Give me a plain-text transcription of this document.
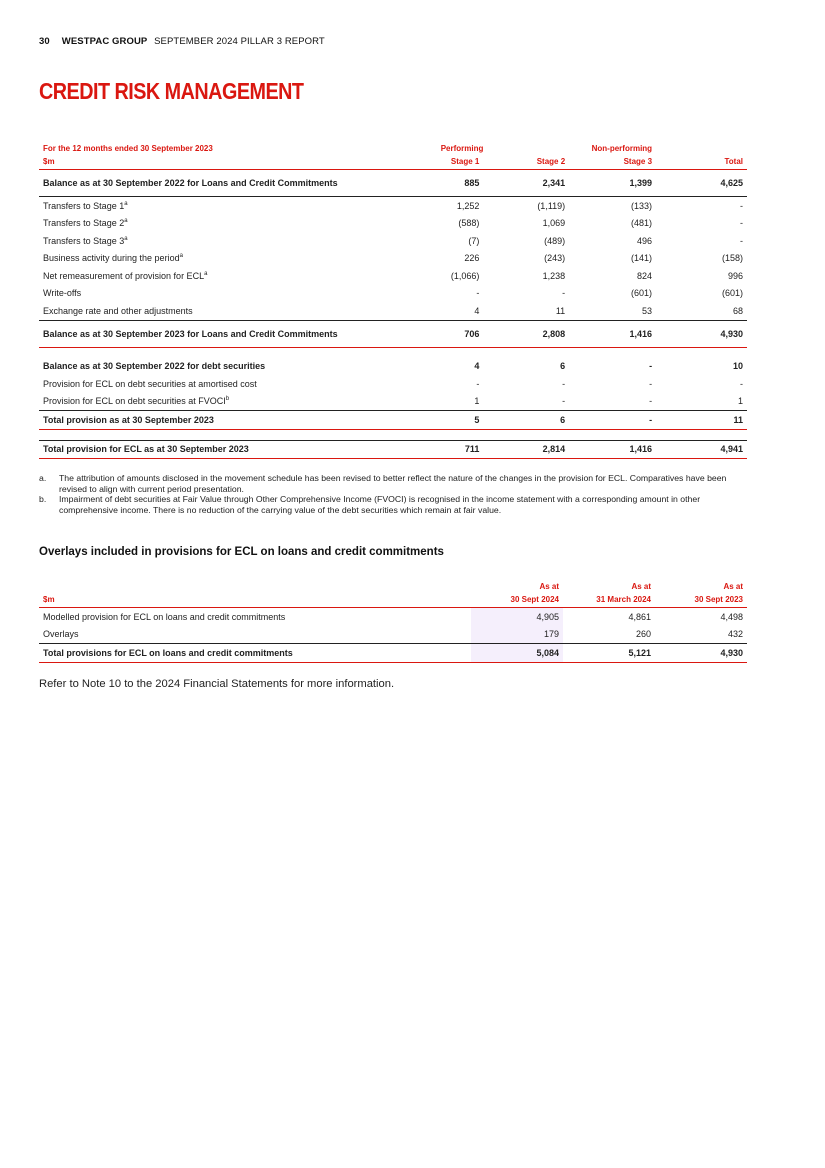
30 WESTPAC GROUP SEPTEMBER 2024 PILLAR 3 REPORT
CREDIT RISK MANAGEMENT
For the 12 months ended 30 September 2023	Performing		Non-performing	
$m	Stage 1	Stage 2	Stage 3	Total
Balance as at 30 September 2022 for Loans and Credit Commitments	885	2,341	1,399	4,625
Transfers to Stage 1$^a$	1,252	(1,119)	(133)	-
Transfers to Stage 2$^a$	(588)	1,069	(481)	-
Transfers to Stage 3$^a$	(7)	(489)	496	-
Business activity during the period$^a$	226	(243)	(141)	(158)
Net remeasurement of provision for ECL$^a$	(1,066)	1,238	824	996
Write-offs	-	-	(601)	(601)
Exchange rate and other adjustments	4	11	53	68
Balance as at 30 September 2023 for Loans and Credit Commitments	706	2,808	1,416	4,930

Balance as at 30 September 2022 for debt securities	4	6	-	10
Provision for ECL on debt securities at amortised cost	-	-	-	-
Provision for ECL on debt securities at FVOCI$^b$	1	-	-	1
Total provision as at 30 September 2023	5	6	-	11

Total provision for ECL as at 30 September 2023	711	2,814	1,416	4,941
a.	The attribution of amounts disclosed in the movement schedule has been revised to better reflect the nature of the changes in the provision for ECL. Comparatives have been revised to align with current period presentation.
b.	Impairment of debt securities at Fair Value through Other Comprehensive Income (FVOCI) is recognised in the income statement with a corresponding amount in other comprehensive income. There is no reduction of the carrying value of the debt securities which remain at fair value.
Overlays included in provisions for ECL on loans and credit commitments
	As at	As at	As at
$m	30 Sept 2024	31 March 2024	30 Sept 2023
Modelled provision for ECL on loans and credit commitments	4,905	4,861	4,498
Overlays	179	260	432
Total provisions for ECL on loans and credit commitments	5,084	5,121	4,930
Refer to Note 10 to the 2024 Financial Statements for more information.
